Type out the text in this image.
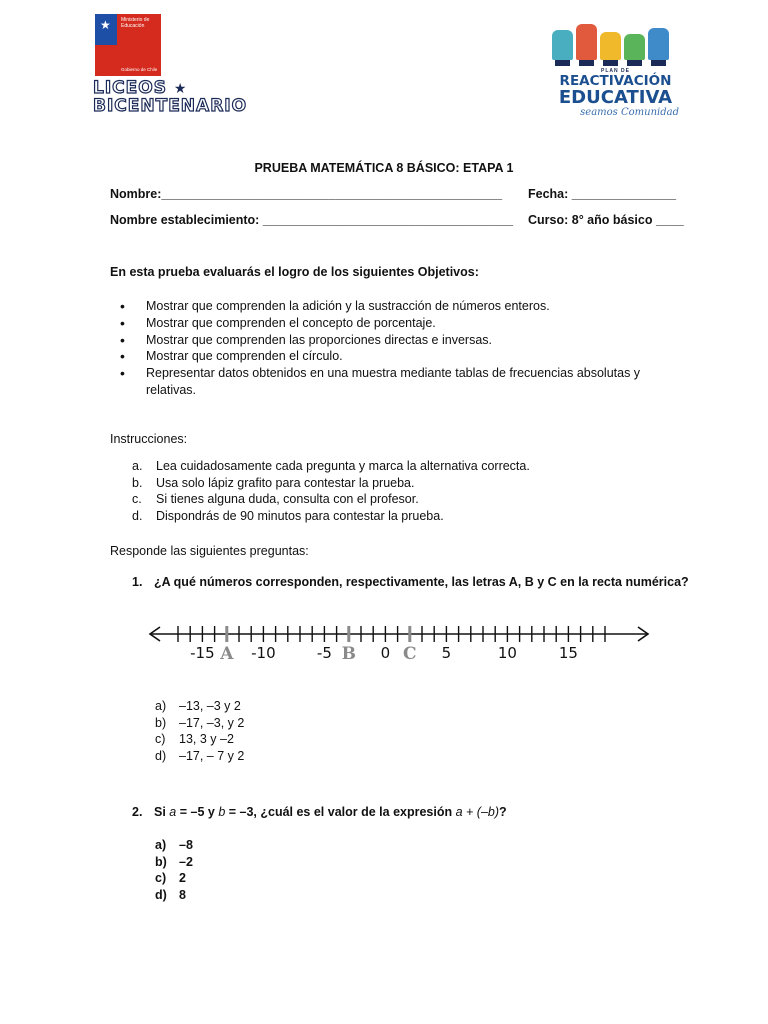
★ Ministerio de
Educación
Gobierno de Chile
LICEOS ★
BICENTENARIO
PLAN DE
REACTIVACIÓN
EDUCATIVA
seamos Comunidad
PRUEBA MATEMÁTICA 8 BÁSICO: ETAPA 1
Nombre:_________________________________________________ Fecha: _______________
Nombre establecimiento: ____________________________________ Curso: 8° año básico ____
En esta prueba evaluarás el logro de los siguientes Objetivos:
• Mostrar que comprenden la adición y la sustracción de números enteros.
• Mostrar que comprenden el concepto de porcentaje.
• Mostrar que comprenden las proporciones directas e inversas.
• Mostrar que comprenden el círculo.
• Representar datos obtenidos en una muestra mediante tablas de frecuencias absolutas y relativas.
Instrucciones:
a.	Lea cuidadosamente cada pregunta y marca la alternativa correcta.
b.	Usa solo lápiz grafito para contestar la prueba.
c.	Si tienes alguna duda, consulta con el profesor.
d.	Dispondrás de 90 minutos para contestar la prueba.
Responde las siguientes preguntas:
1. ¿A qué números corresponden, respectivamente, las letras A, B y C en la recta numérica?
-15 -10	-5	0	5	10	15
A	B	C
a)	–13, –3 y 2
b)	–17, –3, y 2
c)	13, 3 y –2
d)	–17, – 7 y 2
2. Si a = –5 y b = –3, ¿cuál es el valor de la expresión a + (–b)?
a)	–8
b) –2
c)	2
d) 8
